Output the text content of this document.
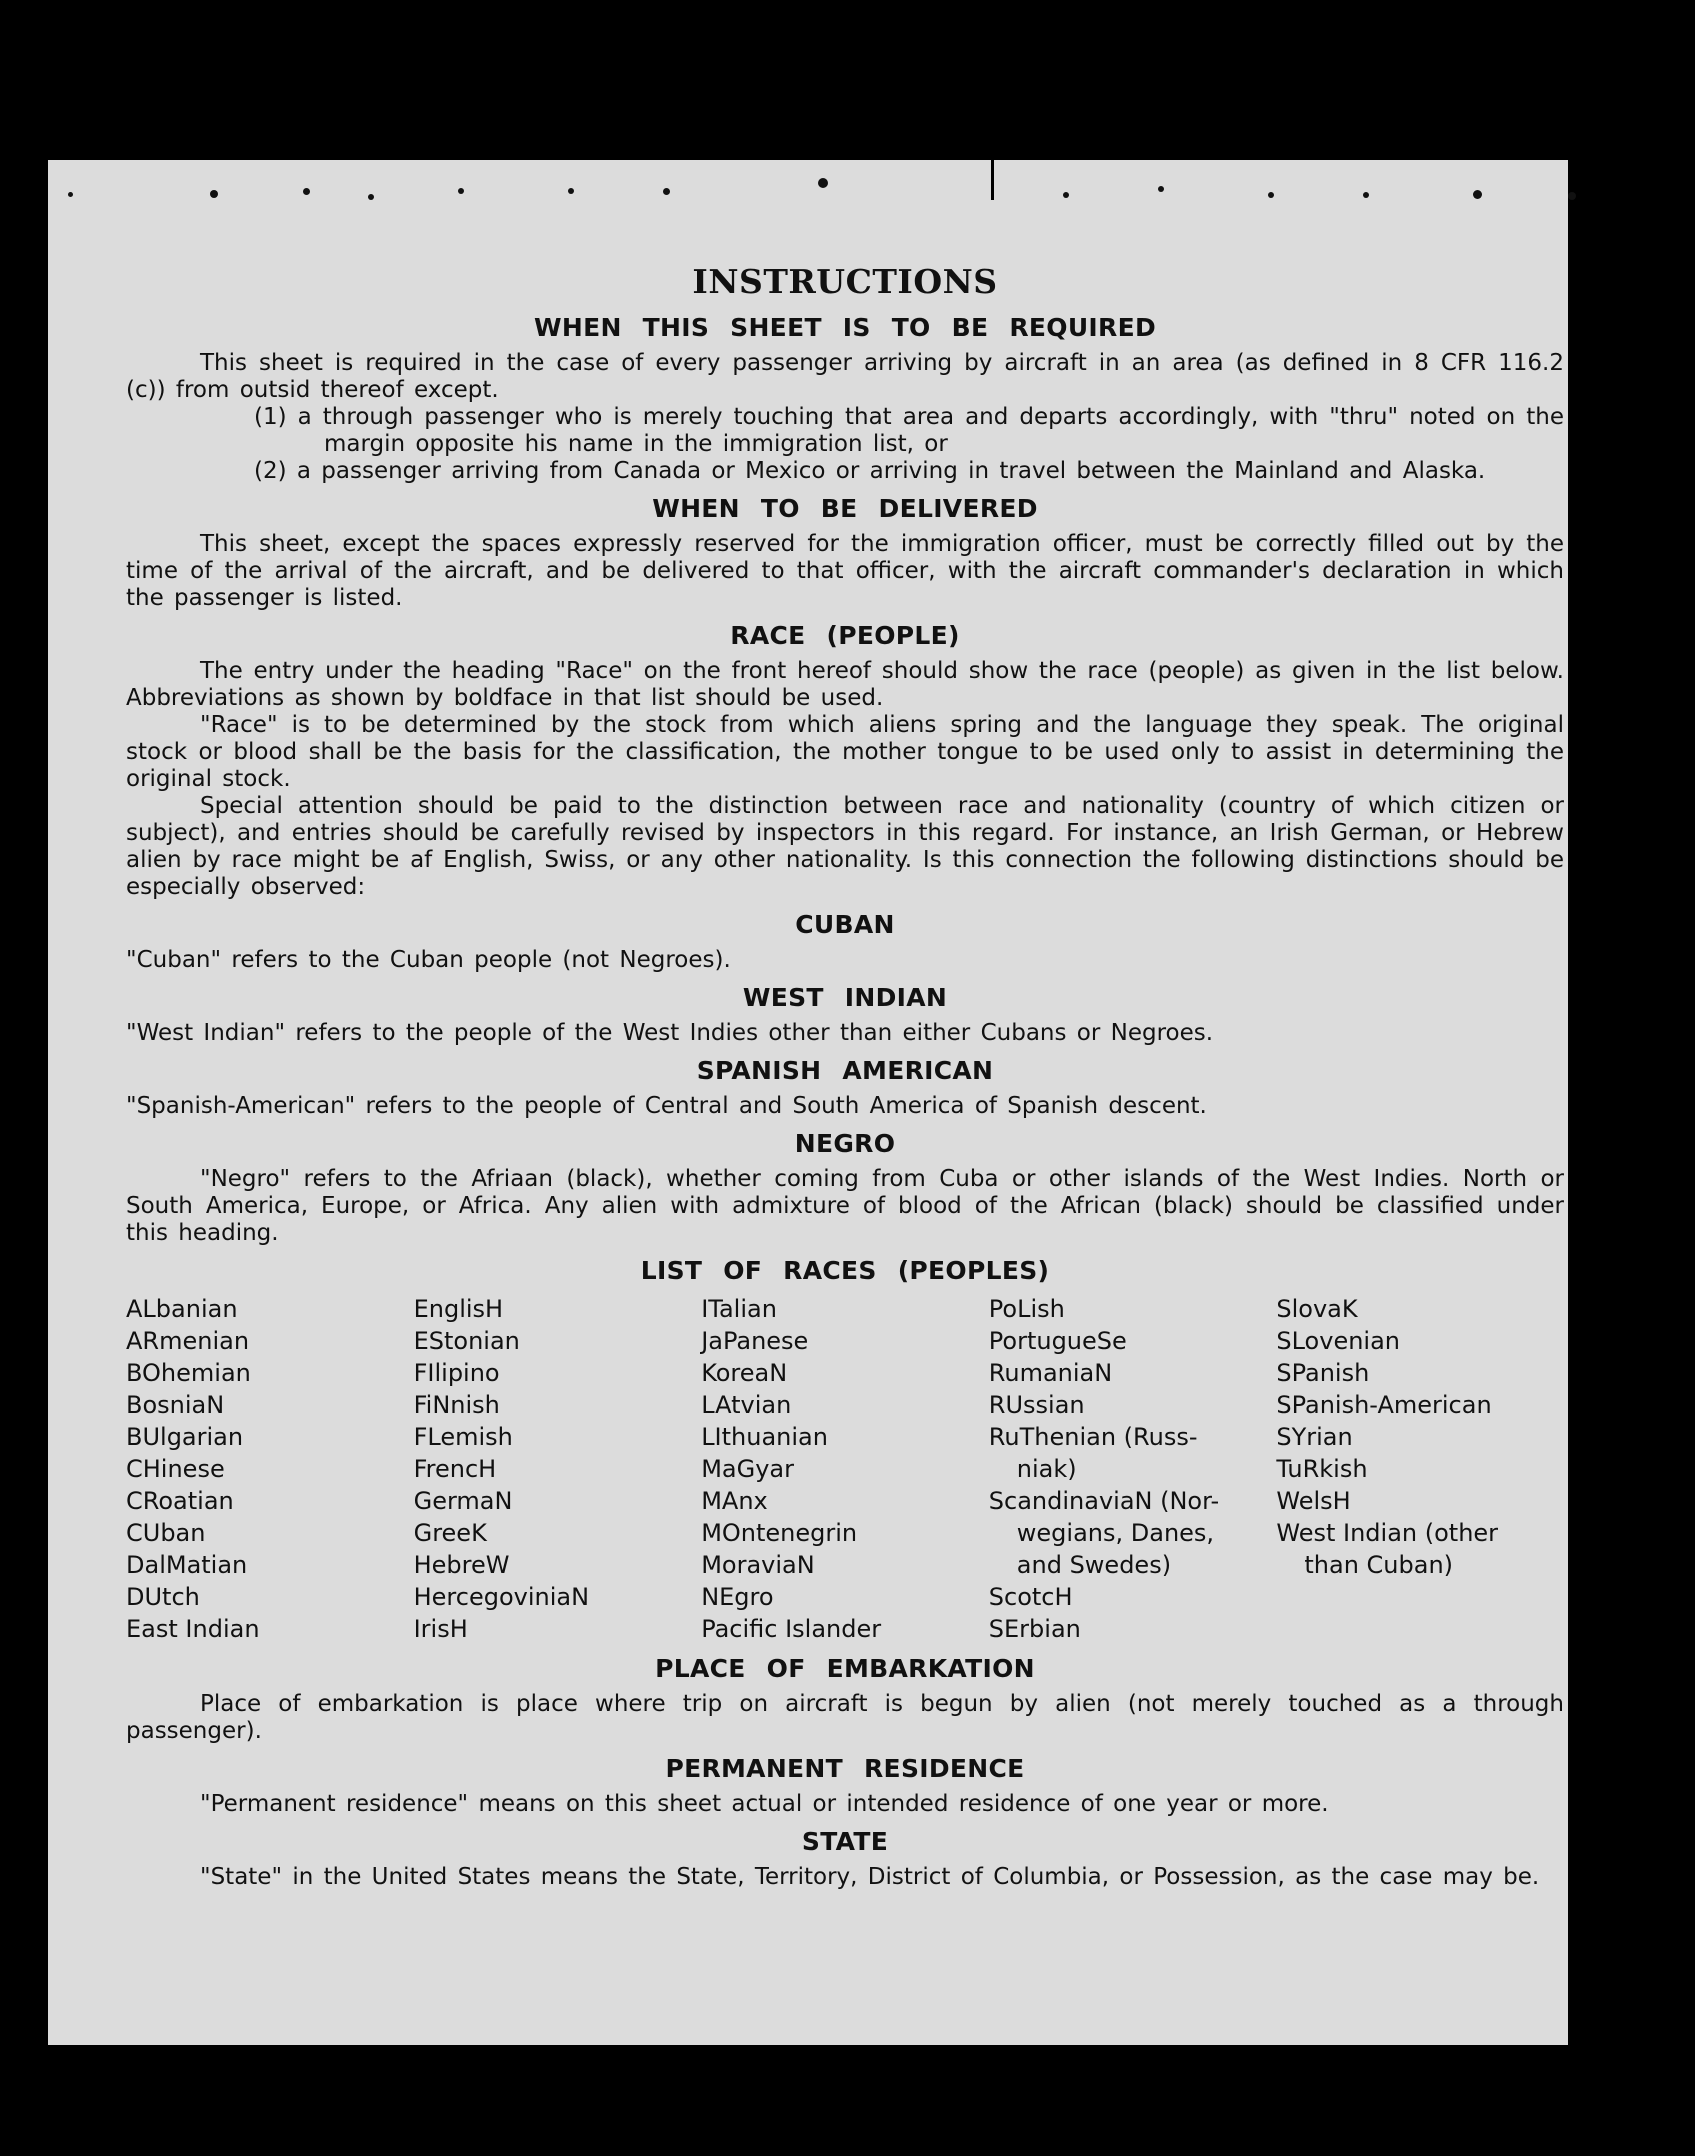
INSTRUCTIONS
WHEN THIS SHEET IS TO BE REQUIRED

This sheet is required in the case of every passenger arriving by aircraft in an area (as defined in 8 CFR 116.2 (c)) from outsid thereof except.

(1) a through passenger who is merely touching that area and departs accordingly, with "thru" noted on the margin opposite his name in the immigration list, or

(2) a passenger arriving from Canada or Mexico or arriving in travel between the Mainland and Alaska.

WHEN TO BE DELIVERED

This sheet, except the spaces expressly reserved for the immigration officer, must be correctly filled out by the time of the arrival of the aircraft, and be delivered to that officer, with the aircraft commander's declaration in which the passenger is listed.

RACE (PEOPLE)

The entry under the heading "Race" on the front hereof should show the race (people) as given in the list below. Abbreviations as shown by boldface in that list should be used.

"Race" is to be determined by the stock from which aliens spring and the language they speak. The original stock or blood shall be the basis for the classification, the mother tongue to be used only to assist in determining the original stock.

Special attention should be paid to the distinction between race and nationality (country of which citizen or subject), and entries should be carefully revised by inspectors in this regard. For instance, an Irish German, or Hebrew alien by race might be af English, Swiss, or any other nationality. Is this connection the following distinctions should be especially observed:

CUBAN

"Cuban" refers to the Cuban people (not Negroes).

WEST INDIAN

"West Indian" refers to the people of the West Indies other than either Cubans or Negroes.

SPANISH AMERICAN

"Spanish-American" refers to the people of Central and South America of Spanish descent.

NEGRO

"Negro" refers to the Afriaan (black), whether coming from Cuba or other islands of the West Indies. North or South America, Europe, or Africa. Any alien with admixture of blood of the African (black) should be classified under this heading.

LIST OF RACES (PEOPLES)
ALbanian
ARmenian
BOhemian
BosniaN
BUlgarian
CHinese
CRoatian
CUban
DalMatian
DUtch
East Indian
EnglisH
EStonian
FIlipino
FiNnish
FLemish
FrencH
GermaN
GreeK
HebreW
HercegoviniaN
IrisH
ITalian
JaPanese
KoreaN
LAtvian
LIthuanian
MaGyar
MAnx
MOntenegrin
MoraviaN
NEgro
Pacific Islander
PoLish
PortugueSe
RumaniaN
RUssian
RuThenian (Russ-
niak)
ScandinaviaN (Nor-
wegians, Danes,
and Swedes)
ScotcH
SErbian
SlovaK
SLovenian
SPanish
SPanish-American
SYrian
TuRkish
WelsH
West Indian (other
than Cuban)
PLACE OF EMBARKATION

Place of embarkation is place where trip on aircraft is begun by alien (not merely touched as a through passenger).

PERMANENT RESIDENCE

"Permanent residence" means on this sheet actual or intended residence of one year or more.

STATE

"State" in the United States means the State, Territory, District of Columbia, or Possession, as the case may be.
